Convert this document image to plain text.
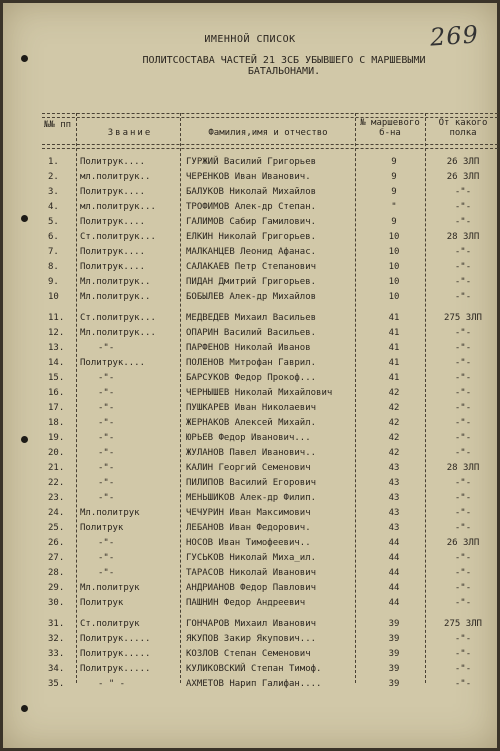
269
ИМЕННОЙ СПИСОК
ПОЛИТСОСТАВА ЧАСТЕЙ 21 ЗСБ УБЫВШЕГО С МАРШЕВЫМИ БАТАЛЬОНАМИ.
№№ пп
Звание	Фамилия,имя и отчество
№ маршевого б-на
От какого полка
1.	Политрук....	ГУРЖИЙ Василий Григорьев	9	26 ЗЛП
2.	мл.политрук..	ЧЕРЕНКОВ Иван Иванович.	9	26 ЗЛП
3.	Политрук....	БАЛУКОВ Николай Михайлов	9	-"-
4.	мл.политрук...	ТРОФИМОВ Алек-др Степан.	"	-"-
5.	Политрук....	ГАЛИМОВ Сабир Гамилович.	9	-"-
6.	Ст.политрук...	ЕЛКИН Николай Григорьев.	10	28 ЗЛП
7.	Политрук....	МАЛКАНЦЕВ Леонид Афанас.	10	-"-
8.	Политрук....	САЛАКАЕВ Петр Степанович	10	-"-
9.	Мл.политрук..	ПИДАН Дмитрий Григорьев.	10	-"-
10	Мл.политрук..	БОБЫЛЕВ Алек-др Михайлов	10	-"-
11.	Ст.политрук...	МЕДВЕДЕВ Михаил Васильев	41	275 ЗЛП
12.	Мл.политрук...	ОПАРИН Василий Васильев.	41	-"-
13.	-"-	ПАРФЕНОВ Николай Иванов	41	-"-
14.	Политрук....	ПОЛЕНОВ Митрофан Гаврил.	41	-"-
15.	-"-	БАРСУКОВ Федор Прокоф...	41	-"-
16.	-"-	ЧЕРНЫШЕВ Николай Михайлович	42	-"-
17.	-"-	ПУШКАРЕВ Иван Николаевич	42	-"-
18.	-"-	ЖЕРНАКОВ Алексей Михайл.	42	-"-
19.	-"-	ЮРЬЕВ Федор Иванович...	42	-"-
20.	-"-	ЖУЛАНОВ Павел Иванович..	42	-"-
21.	-"-	КАЛИН Георгий Семенович	43	28 ЗЛП
22.	-"-	ПИЛИПОВ Василий Егорович	43	-"-
23.	-"-	МЕНЬШИКОВ Алек-др Филип.	43	-"-
24.	Мл.политрук	ЧЕЧУРИН Иван Максимович	43	-"-
25.	Политрук	ЛЕБАНОВ Иван Федорович.	43	-"-
26.	-"-	НОСОВ Иван Тимофеевич..	44	26 ЗЛП
27.	-"-	ГУСЬКОВ Николай Миха_ил.	44	-"-
28.	-"-	ТАРАСОВ Николай Иванович	44	-"-
29.	Мл.политрук	АНДРИАНОВ Федор Павлович	44	-"-
30.	Политрук	ПАШНИН Федор Андреевич	44	-"-
31.	Ст.политрук	ГОНЧАРОВ Михаил Иванович	39	275 ЗЛП
32.	Политрук.....	ЯКУПОВ Закир Якупович...	39	-"-
33.	Политрук.....	КОЗЛОВ Степан Семенович	39	-"-
34.	Политрук.....	КУЛИКОВСКИЙ Степан Тимоф.	39	-"-
35.	- " -	АХМЕТОВ Нарип Галифан....	39	-"-
